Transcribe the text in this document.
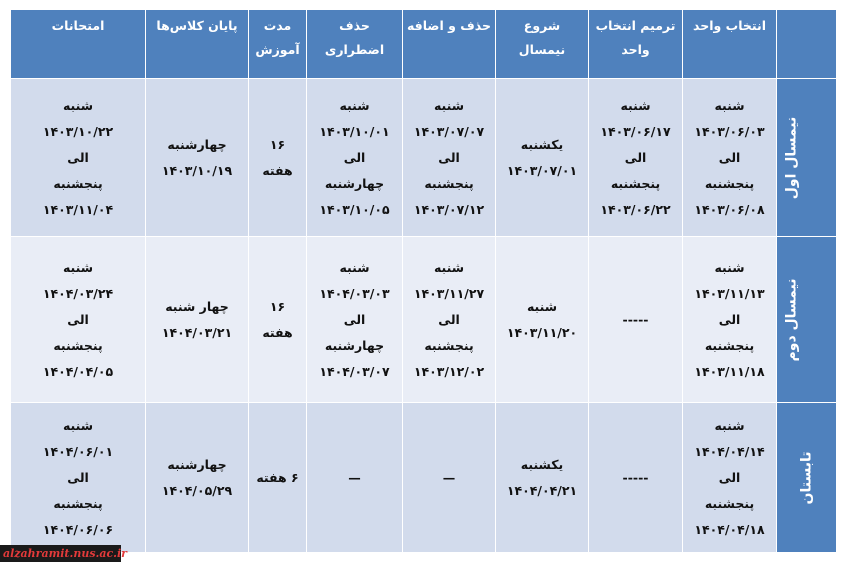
	انتخاب واحد	ترمیم انتخاب واحد	شروع نیمسال	حذف و اضافه	حذف اضطراری	مدت آموزش	پایان کلاس‌ها	امتحانات
نیمسال اول	شنبه
۱۴۰۳/۰۶/۰۳
الی
پنجشنبه
۱۴۰۳/۰۶/۰۸	شنبه
۱۴۰۳/۰۶/۱۷
الی
پنجشنبه
۱۴۰۳/۰۶/۲۲	یکشنبه
۱۴۰۳/۰۷/۰۱	شنبه
۱۴۰۳/۰۷/۰۷
الی
پنجشنبه
۱۴۰۳/۰۷/۱۲	شنبه
۱۴۰۳/۱۰/۰۱
الی
چهارشنبه
۱۴۰۳/۱۰/۰۵	۱۶
هفته	چهارشنبه
۱۴۰۳/۱۰/۱۹	شنبه
۱۴۰۳/۱۰/۲۲
الی
پنجشنبه
۱۴۰۳/۱۱/۰۴

نیمسال دوم	شنبه
۱۴۰۳/۱۱/۱۳
الی
پنجشنبه
۱۴۰۳/۱۱/۱۸	-----	شنبه
۱۴۰۳/۱۱/۲۰	شنبه
۱۴۰۳/۱۱/۲۷
الی
پنجشنبه
۱۴۰۳/۱۲/۰۲	شنبه
۱۴۰۴/۰۳/۰۳
الی
چهارشنبه
۱۴۰۴/۰۳/۰۷	۱۶
هفته	چهار شنبه
۱۴۰۴/۰۳/۲۱	شنبه
۱۴۰۴/۰۳/۲۴
الی
پنجشنبه
۱۴۰۴/۰۴/۰۵

تابستان	شنبه
۱۴۰۴/۰۴/۱۴
الی
پنجشنبه
۱۴۰۴/۰۴/۱۸	-----	یکشنبه
۱۴۰۴/۰۴/۲۱	—	—	۶ هفته	چهارشنبه
۱۴۰۴/۰۵/۲۹	شنبه
۱۴۰۴/۰۶/۰۱
الی
پنجشنبه
۱۴۰۴/۰۶/۰۶
alzahramit.nus.ac.ir
